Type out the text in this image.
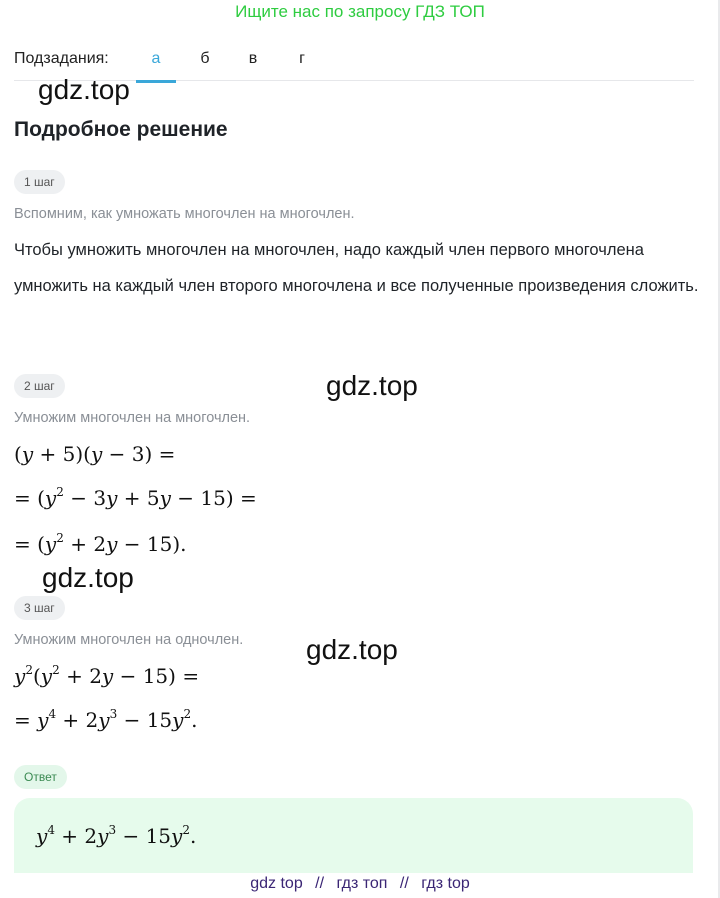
Ищите нас по запросу ГДЗ ТОП
Подзадания:	а	б	в	г
gdz.top
gdz.top
gdz.top
gdz.top
Подробное решение
1 шаг
Вспомним, как умножать многочлен на многочлен.
Чтобы умножить многочлен на многочлен, надо каждый член первого многочлена умножить на каждый член второго многочлена и все полученные произведения сложить.
2 шаг
Умножим многочлен на многочлен.
(y + 5)(y − 3) =
= $(y^2 - 3y + 5y - 15)$ =
= $(y^2 + 2y - 15)$.
3 шаг
Умножим многочлен на одночлен.
$y^2(y^2 + 2y - 15)$ =
= $y^4 + 2y^3 - 15y^2$.
Ответ
$y^4 + 2y^3 - 15y^2$.
gdz top // гдз топ // гдз top
